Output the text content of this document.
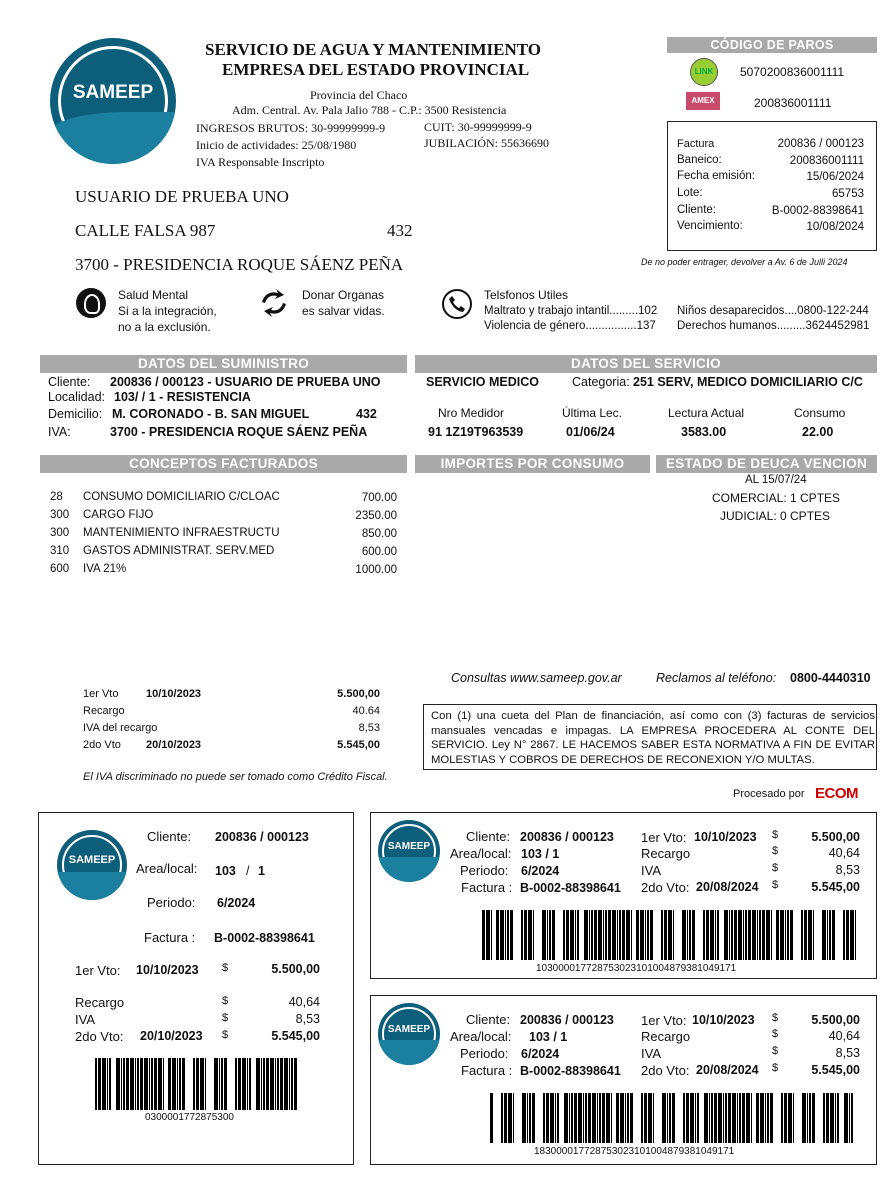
SAMEEP
SERVICIO DE AGUA Y MANTENIMIENTO
EMPRESA DEL ESTADO PROVINCIAL
Provincia del Chaco
Adm. Central. Av. Pala Jalio 788 - C.P.: 3500 Resistencia
INGRESOS BRUTOS: 30-99999999-9	CUIT: 30-99999999-9
Inicio de actividades: 25/08/1980	JUBILACIÓN: 55636690
IVA Responsable Inscripto
CÓDIGO DE PAROS
LINK	5070200836001111
AMEX	200836001111
Factura	200836 / 000123
Baneico:	200836001111
Fecha emisión:	15/06/2024
Lote:	65753
Cliente:	B-0002-88398641
Vencimiento:	10/08/2024
De no poder entrager, devolver a Av. 6 de Julli 2024
USUARIO DE PRUEBA UNO
CALLE FALSA 987	432
3700 - PRESIDENCIA ROQUE SÁENZ PEÑA
Salud Mental
Si a la integración,
no a la exclusión.
Donar Organas
es salvar vidas.
Telsfonos Utiles
Maltrato y trabajo intantil.........102
Violencia de género................137
Niños desaparecidos....0800-122-244
Derechos humanos.........3624452981
DATOS DEL SUMINISTRO	DATOS DEL SERVICIO
Cliente: 200836 / 000123 - USUARIO DE PRUEBA UNO
Localidad: 103/ / 1 - RESISTENCIA
Demicilio: M. CORONADO - B. SAN MIGUEL	432
IVA:	3700 - PRESIDENCIA ROQUE SÁENZ PEÑA
SERVICIO MEDICO	Categoria: 251 SERV, MEDICO DOMICILIARIO C/C
Nro Medidor	Última Lec.	Lectura Actual	Consumo
91 1Z19T963539	01/06/24	3583.00	22.00
CONCEPTOS FACTURADOS	IMPORTES POR CONSUMO	ESTADO DE DEUCA VENCION
28 CONSUMO DOMICILIARIO C/CLOAC	700.00
300 CARGO FIJO	2350.00
300 MANTENIMIENTO INFRAESTRUCTU	850.00
310 GASTOS ADMINISTRAT. SERV.MED	600.00
600 IVA 21%	1000.00
AL 15/07/24
COMERCIAL: 1 CPTES
JUDICIAL: 0 CPTES
Consultas www.sameep.gov.ar	Reclamos al teléfono: 0800-4440310
1er Vto	10/10/2023	5.500,00
Recargo	40.64
IVA del recargo	8,53
2do Vto 20/10/2023	5.545,00
El IVA discriminado no puede ser tomado como Crédito Fiscal.
Con (1) una cueta del Plan de financiación, así como con (3) facturas de servicios mansuales vencadas e impagas. LA EMPRESA PROCEDERA AL CONTE DEL SERVICIO. Ley N° 2867. LE HACEMOS SABER ESTA NORMATIVA A FIN DE EVITAR MOLESTIAS Y COBROS DE DERECHOS DE RECONEXION Y/O MULTAS.
Procesado por ECOM
SAMEEP
Cliente: 200836 / 000123
Area/local: 103 / 1
Periodo: 6/2024
Factura : B-0002-88398641
1er Vto: 10/10/2023 $	5.500,00
Recargo	$	40,64
IVA	$	8,53
2do Vto: 20/10/2023 $	5.545,00
0300001772875300
SAMEEP
Cliente: 200836 / 000123
Area/local: 103 / 1
Periodo: 6/2024
Factura : B-0002-88398641
1er Vto: 10/10/2023 $	5.500,00
Recargo	$	40,64
IVA	$	8,53
2do Vto: 20/08/2024 $	5.545,00
1030000177287530231010048793810491​71
SAMEEP
Cliente: 200836 / 000123
Area/local: 103 / 1
Periodo: 6/2024
Factura : B-0002-88398641
1er Vto: 10/10/2023 $	5.500,00
Recargo	$	40,64
IVA	$	8,53
2do Vto: 20/08/2024 $	5.545,00
183000017728753023101004879381049171
